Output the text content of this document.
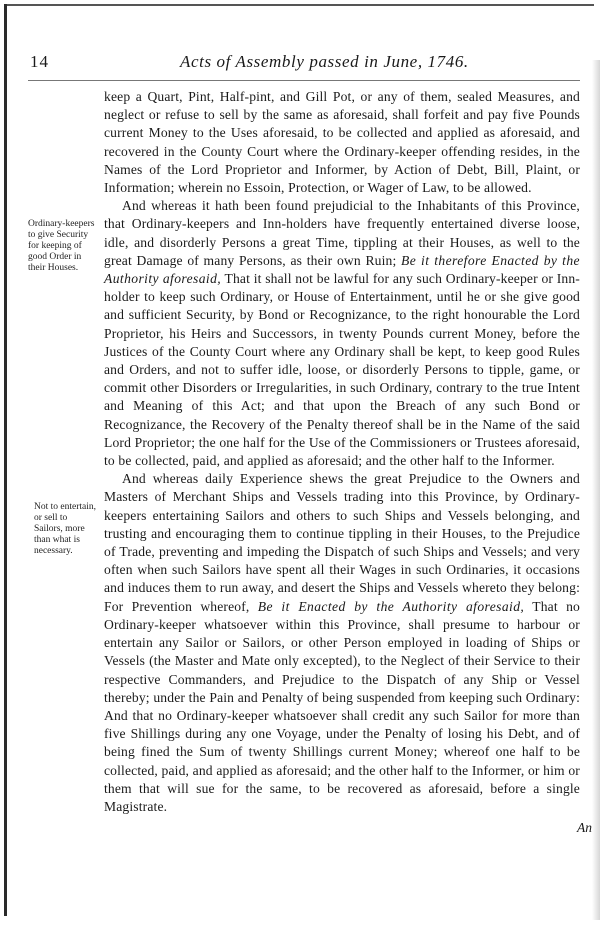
14	Acts of Assembly passed in June, 1746.
Ordinary-keepers to give Security for keeping of good Order in their Houses.
Not to entertain, or sell to Sailors, more than what is necessary.

keep a Quart, Pint, Half-pint, and Gill Pot, or any of them, sealed Measures, and neglect or refuse to sell by the same as aforesaid, shall forfeit and pay five Pounds current Money to the Uses aforesaid, to be collected and applied as aforesaid, and recovered in the County Court where the Ordinary-keeper offending resides, in the Names of the Lord Proprietor and Informer, by Action of Debt, Bill, Plaint, or Information; wherein no Essoin, Protection, or Wager of Law, to be allowed.

And whereas it hath been found prejudicial to the Inhabitants of this Province, that Ordinary-keepers and Inn-holders have frequently entertained diverse loose, idle, and disorderly Persons a great Time, tippling at their Houses, as well to the great Damage of many Persons, as their own Ruin; Be it therefore Enacted by the Authority aforesaid, That it shall not be lawful for any such Ordinary-keeper or Inn-holder to keep such Ordinary, or House of Entertainment, until he or she give good and sufficient Security, by Bond or Recognizance, to the right honourable the Lord Proprietor, his Heirs and Successors, in twenty Pounds current Money, before the Justices of the County Court where any Ordinary shall be kept, to keep good Rules and Orders, and not to suffer idle, loose, or disorderly Persons to tipple, game, or commit other Disorders or Irregularities, in such Ordinary, contrary to the true Intent and Meaning of this Act; and that upon the Breach of any such Bond or Recognizance, the Recovery of the Penalty thereof shall be in the Name of the said Lord Proprietor; the one half for the Use of the Commissioners or Trustees aforesaid, to be collected, paid, and applied as aforesaid; and the other half to the Informer.

And whereas daily Experience shews the great Prejudice to the Owners and Masters of Merchant Ships and Vessels trading into this Province, by Ordinary-keepers entertaining Sailors and others to such Ships and Vessels belonging, and trusting and encouraging them to continue tippling in their Houses, to the Prejudice of Trade, preventing and impeding the Dispatch of such Ships and Vessels; and very often when such Sailors have spent all their Wages in such Ordinaries, it occasions and induces them to run away, and desert the Ships and Vessels whereto they belong: For Prevention whereof, Be it Enacted by the Authority aforesaid, That no Ordinary-keeper whatsoever within this Province, shall presume to harbour or entertain any Sailor or Sailors, or other Person employed in loading of Ships or Vessels (the Master and Mate only excepted), to the Neglect of their Service to their respective Commanders, and Prejudice to the Dispatch of any Ship or Vessel thereby; under the Pain and Penalty of being suspended from keeping such Ordinary: And that no Ordinary-keeper whatsoever shall credit any such Sailor for more than five Shillings during any one Voyage, under the Penalty of losing his Debt, and of being fined the Sum of twenty Shillings current Money; whereof one half to be collected, paid, and applied as aforesaid; and the other half to the Informer, or him or them that will sue for the same, to be recovered as aforesaid, before a single Magistrate.

An
